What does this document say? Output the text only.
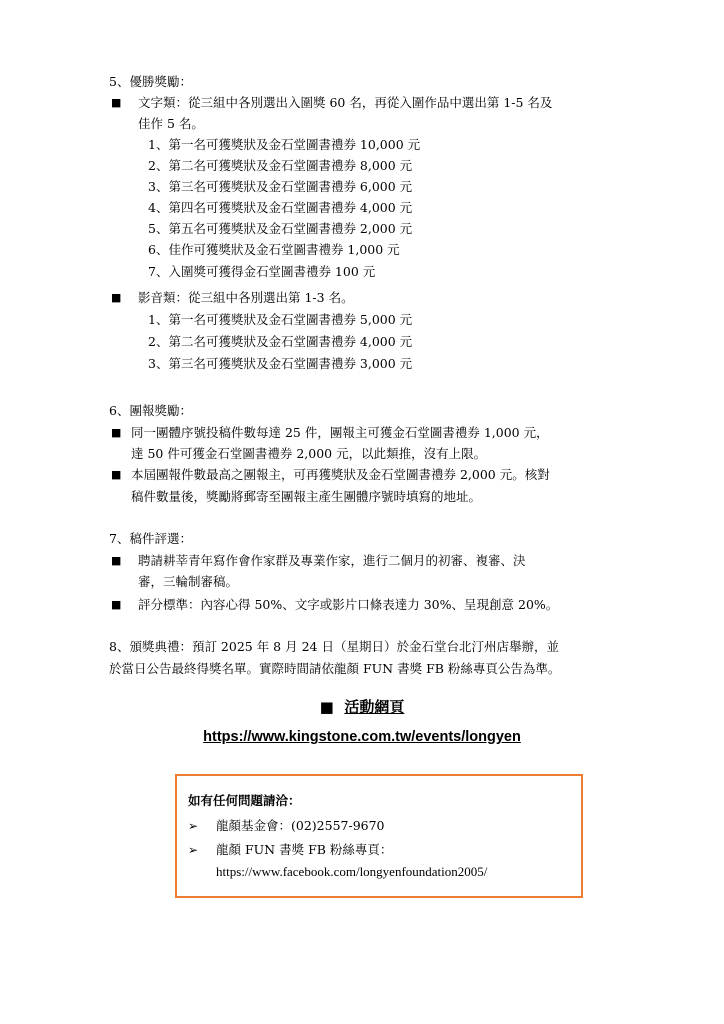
5、優勝獎勵：
■ 文字類：從三組中各別選出入圍獎 60 名，再從入圍作品中選出第 1-5 名及
佳作 5 名。
1、第一名可獲獎狀及金石堂圖書禮券 10,000 元
2、第二名可獲獎狀及金石堂圖書禮券 8,000 元
3、第三名可獲獎狀及金石堂圖書禮券 6,000 元
4、第四名可獲獎狀及金石堂圖書禮券 4,000 元
5、第五名可獲獎狀及金石堂圖書禮券 2,000 元
6、佳作可獲獎狀及金石堂圖書禮券 1,000 元
7、入圍獎可獲得金石堂圖書禮券 100 元
■ 影音類：從三組中各別選出第 1-3 名。
1、第一名可獲獎狀及金石堂圖書禮券 5,000 元
2、第二名可獲獎狀及金石堂圖書禮券 4,000 元
3、第三名可獲獎狀及金石堂圖書禮券 3,000 元
6、團報獎勵：
■ 同一團體序號投稿件數每達 25 件，團報主可獲金石堂圖書禮券 1,000 元，
達 50 件可獲金石堂圖書禮券 2,000 元，以此類推，沒有上限。
■ 本屆團報件數最高之團報主，可再獲獎狀及金石堂圖書禮券 2,000 元。核對
稿件數量後，獎勵將郵寄至團報主產生團體序號時填寫的地址。
7、稿件評選：
■ 聘請耕莘青年寫作會作家群及專業作家，進行二個月的初審、複審、決
審，三輪制審稿。
■ 評分標準：內容心得 50%、文字或影片口條表達力 30%、呈現創意 20%。
8、頒獎典禮：預訂 2025 年 8 月 24 日（星期日）於金石堂台北汀州店舉辦，並
於當日公告最終得獎名單。實際時間請依龍顏 FUN 書獎 FB 粉絲專頁公告為準。
■ 活動網頁
https://www.kingstone.com.tw/events/longyen
如有任何問題請洽：
➢ 龍顏基金會：(02)2557-9670
➢ 龍顏 FUN 書獎 FB 粉絲專頁：
https://www.facebook.com/longyenfoundation2005/
